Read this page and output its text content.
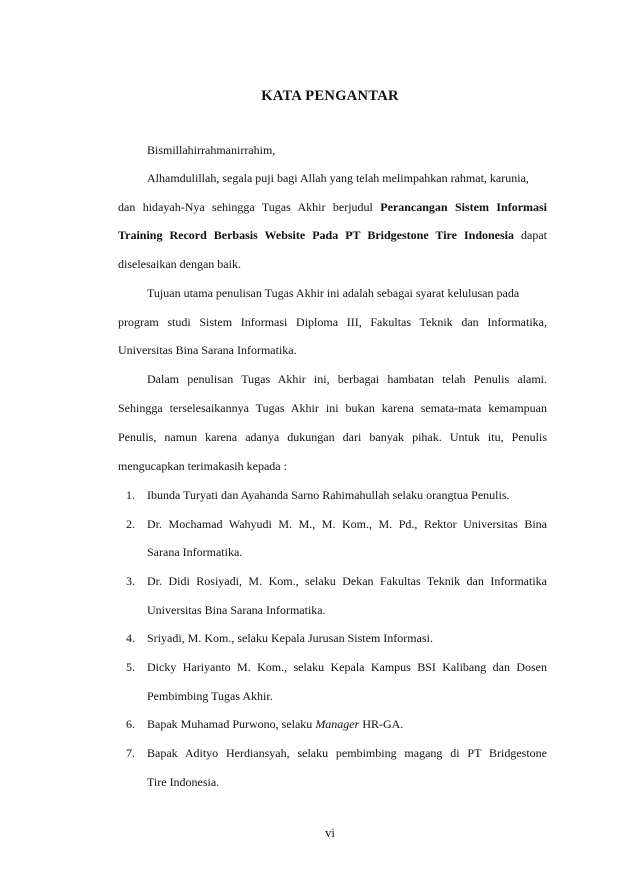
KATA PENGANTAR
Bismillahirrahmanirrahim,
Alhamdulillah, segala puji bagi Allah yang telah melimpahkan rahmat, karunia,
dan hidayah-Nya sehingga Tugas Akhir berjudul Perancangan Sistem Informasi
Training Record Berbasis Website Pada PT Bridgestone Tire Indonesia dapat
diselesaikan dengan baik.
Tujuan utama penulisan Tugas Akhir ini adalah sebagai syarat kelulusan pada
program studi Sistem Informasi Diploma III, Fakultas Teknik dan Informatika,
Universitas Bina Sarana Informatika.
Dalam penulisan Tugas Akhir ini, berbagai hambatan telah Penulis alami.
Sehingga terselesaikannya Tugas Akhir ini bukan karena semata-mata kemampuan
Penulis, namun karena adanya dukungan dari banyak pihak. Untuk itu, Penulis
mengucapkan terimakasih kepada :
1. Ibunda Turyati dan Ayahanda Sarno Rahimahullah selaku orangtua Penulis.
2. Dr. Mochamad Wahyudi M. M., M. Kom., M. Pd., Rektor Universitas Bina
Sarana Informatika.
3. Dr. Didi Rosiyadi, M. Kom., selaku Dekan Fakultas Teknik dan Informatika
Universitas Bina Sarana Informatika.
4. Sriyadi, M. Kom., selaku Kepala Jurusan Sistem Informasi.
5. Dicky Hariyanto M. Kom., selaku Kepala Kampus BSI Kalibang dan Dosen
Pembimbing Tugas Akhir.
6. Bapak Muhamad Purwono, selaku Manager HR-GA.
7. Bapak Adityo Herdiansyah, selaku pembimbing magang di PT Bridgestone
Tire Indonesia.
vi
